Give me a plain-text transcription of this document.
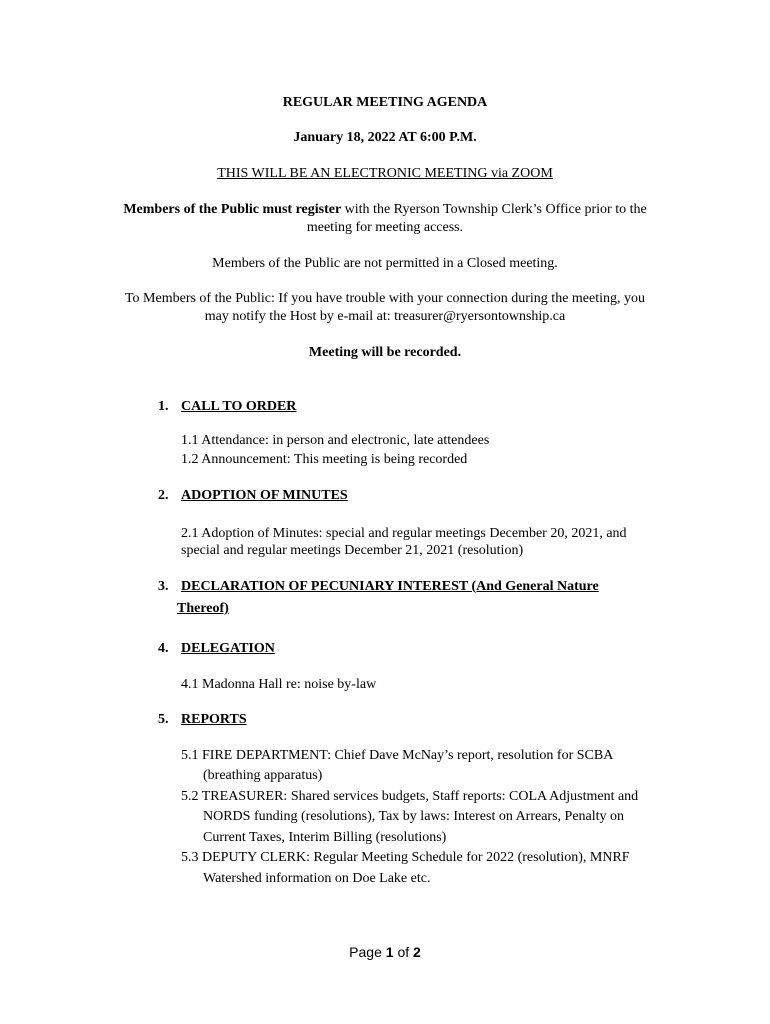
REGULAR MEETING AGENDA
January 18, 2022 AT 6:00 P.M.
THIS WILL BE AN ELECTRONIC MEETING via ZOOM
Members of the Public must register with the Ryerson Township Clerk’s Office prior to the
meeting for meeting access.
Members of the Public are not permitted in a Closed meeting.
To Members of the Public: If you have trouble with your connection during the meeting, you
may notify the Host by e-mail at: treasurer@ryersontownship.ca
Meeting will be recorded.
1. CALL TO ORDER
1.1 Attendance: in person and electronic, late attendees
1.2 Announcement: This meeting is being recorded
2. ADOPTION OF MINUTES
2.1 Adoption of Minutes: special and regular meetings December 20, 2021, and
special and regular meetings December 21, 2021 (resolution)
3. DECLARATION OF PECUNIARY INTEREST (And General Nature
Thereof)
4. DELEGATION
4.1 Madonna Hall re: noise by-law
5. REPORTS
5.1 FIRE DEPARTMENT: Chief Dave McNay’s report, resolution for SCBA
(breathing apparatus)
5.2 TREASURER: Shared services budgets, Staff reports: COLA Adjustment and
NORDS funding (resolutions), Tax by laws: Interest on Arrears, Penalty on
Current Taxes, Interim Billing (resolutions)
5.3 DEPUTY CLERK: Regular Meeting Schedule for 2022 (resolution), MNRF
Watershed information on Doe Lake etc.
Page 1 of 2
